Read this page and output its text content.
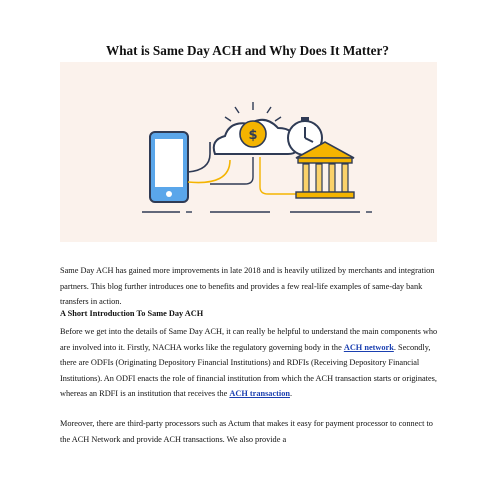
What is Same Day ACH and Why Does It Matter?
$

Same Day ACH has gained more improvements in late 2018 and is heavily utilized by merchants and integration partners. This blog further introduces one to benefits and provides a few real-life examples of same-day bank transfers in action.

A Short Introduction To Same Day ACH

Before we get into the details of Same Day ACH, it can really be helpful to understand the main components who are involved into it. Firstly, NACHA works like the regulatory governing body in the ACH network. Secondly, there are ODFIs (Originating Depository Financial Institutions) and RDFIs (Receiving Depository Financial Institutions). An ODFI enacts the role of financial institution from which the ACH transaction starts or originates, whereas an RDFI is an institution that receives the ACH transaction.

Moreover, there are third-party processors such as Actum that makes it easy for payment processor to connect to the ACH Network and provide ACH transactions. We also provide a
